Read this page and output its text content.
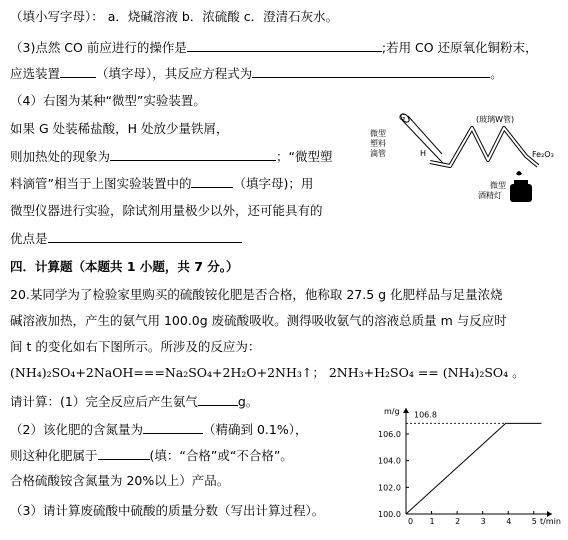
（填小写字母）： a．烧碱溶液 b．浓硫酸 c．澄清石灰水。
（3)点然 CO 前应进行的操作是	;若用 CO 还原氧化铜粉末，
应选装置	（填字母），其反应方程式为	。
（4）右图为某种“微型”实验装置。
如果 G 处装稀盐酸，H 处放少量铁屑，
则加热处的现象为	；“微型塑
料滴管”相当于上图实验装置中的	（填字母)；用
微型仪器进行实验，除试剂用量极少以外，还可能具有的
优点是
G
H
微型塑料滴管
(玻璃W管)
Fe₂O₃
微型酒精灯
四．计算题（本题共 1 小题，共 7 分。）
20.某同学为了检验家里购买的硫酸铵化肥是否合格，他称取 27.5 g 化肥样品与足量浓烧
碱溶液加热，产生的氨气用 100.0g 废硫酸吸收。测得吸收氨气的溶液总质量 m 与反应时
间 t 的变化如右下图所示。所涉及的反应为：
(NH₄)₂SO₄+2NaOH===Na₂SO₄+2H₂O+2NH₃↑； 2NH₃+H₂SO₄ == (NH₄)₂SO₄ 。
请计算：(1）完全反应后产生氨气	g。
（2）该化肥的含氮量为	（精确到 0.1%），
则这种化肥属于	(填：“合格”或“不合格”。
合格硫酸铵含氮量为 20%以上）产品。
（3）请计算废硫酸中硫酸的质量分数（写出计算过程）。
1	2	3	4	5
100.0
102.0
104.0
106.0
m/g
t/min
106.8
0
